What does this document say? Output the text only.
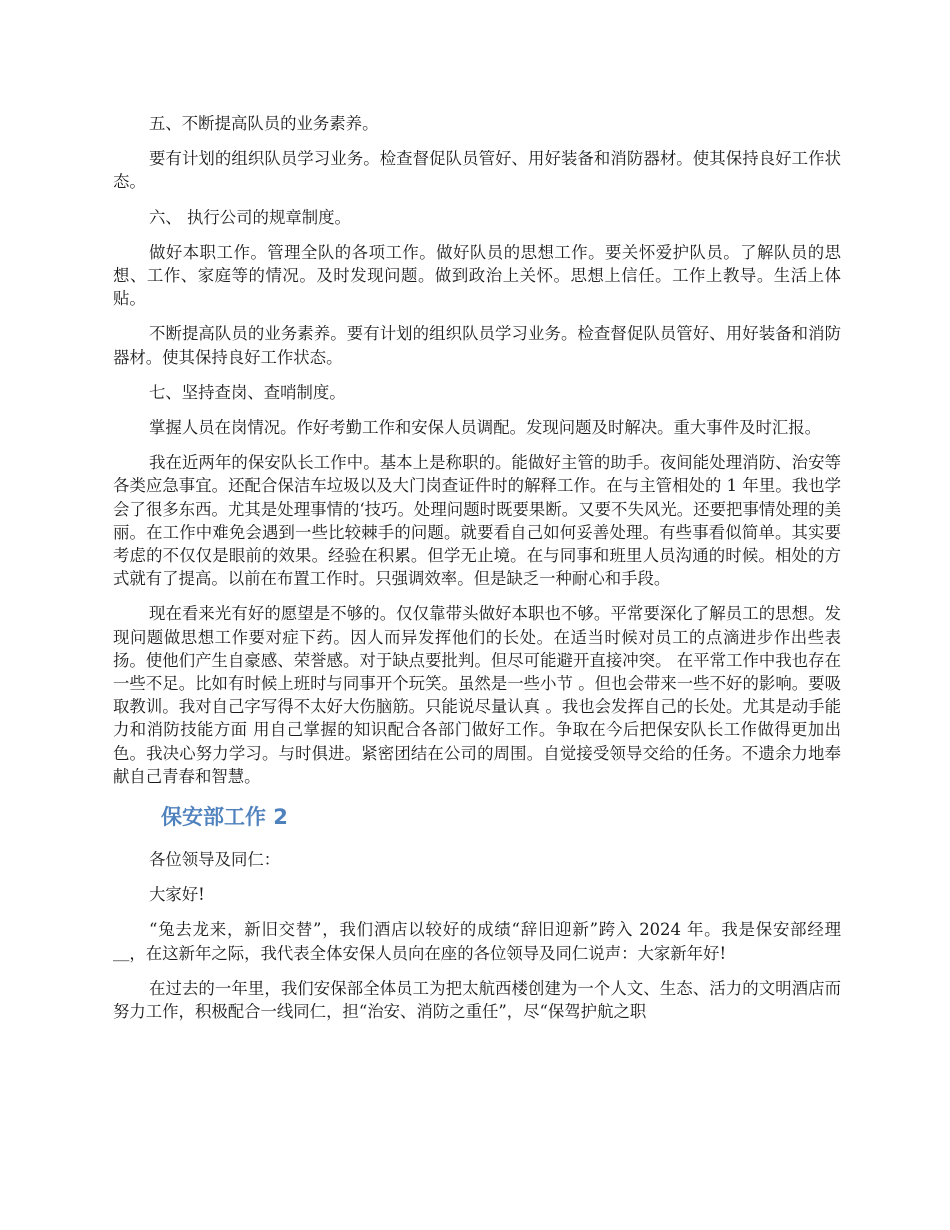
五、不断提高队员的业务素养。

要有计划的组织队员学习业务。检查督促队员管好、用好装备和消防器材。使其保持良好工作状态。

六、 执行公司的规章制度。

做好本职工作。管理全队的各项工作。做好队员的思想工作。要关怀爱护队员。了解队员的思想、工作、家庭等的情况。及时发现问题。做到政治上关怀。思想上信任。工作上教导。生活上体贴。

不断提高队员的业务素养。要有计划的组织队员学习业务。检查督促队员管好、用好装备和消防器材。使其保持良好工作状态。

七、坚持查岗、查哨制度。

掌握人员在岗情况。作好考勤工作和安保人员调配。发现问题及时解决。重大事件及时汇报。

我在近两年的保安队长工作中。基本上是称职的。能做好主管的助手。夜间能处理消防、治安等各类应急事宜。还配合保洁车垃圾以及大门岗查证件时的解释工作。在与主管相处的 1 年里。我也学会了很多东西。尤其是处理事情的‘技巧。处理问题时既要果断。又要不失风光。还要把事情处理的美丽。在工作中难免会遇到一些比较棘手的问题。就要看自己如何妥善处理。有些事看似简单。其实要考虑的不仅仅是眼前的效果。经验在积累。但学无止境。在与同事和班里人员沟通的时候。相处的方式就有了提高。以前在布置工作时。只强调效率。但是缺乏一种耐心和手段。

现在看来光有好的愿望是不够的。仅仅靠带头做好本职也不够。平常要深化了解员工的思想。发现问题做思想工作要对症下药。因人而异发挥他们的长处。在适当时候对员工的点滴进步作出些表扬。使他们产生自豪感、荣誉感。对于缺点要批判。但尽可能避开直接冲突。 在平常工作中我也存在一些不足。比如有时候上班时与同事开个玩笑。虽然是一些小节 。但也会带来一些不好的影响。要吸取教训。我对自己字写得不太好大伤脑筋。只能说尽量认真 。我也会发挥自己的长处。尤其是动手能力和消防技能方面 用自己掌握的知识配合各部门做好工作。争取在今后把保安队长工作做得更加出色。我决心努力学习。与时俱进。紧密团结在公司的周围。自觉接受领导交给的任务。不遗余力地奉献自己青春和智慧。

保安部工作 2

各位领导及同仁：

大家好!

“兔去龙来，新旧交替”，我们酒店以较好的成绩“辞旧迎新”跨入 2024 年。我是保安部经理＿，在这新年之际，我代表全体安保人员向在座的各位领导及同仁说声：大家新年好!

在过去的一年里，我们安保部全体员工为把太航西楼创建为一个人文、生态、活力的文明酒店而努力工作，积极配合一线同仁，担“治安、消防之重任”，尽“保驾护航之职
